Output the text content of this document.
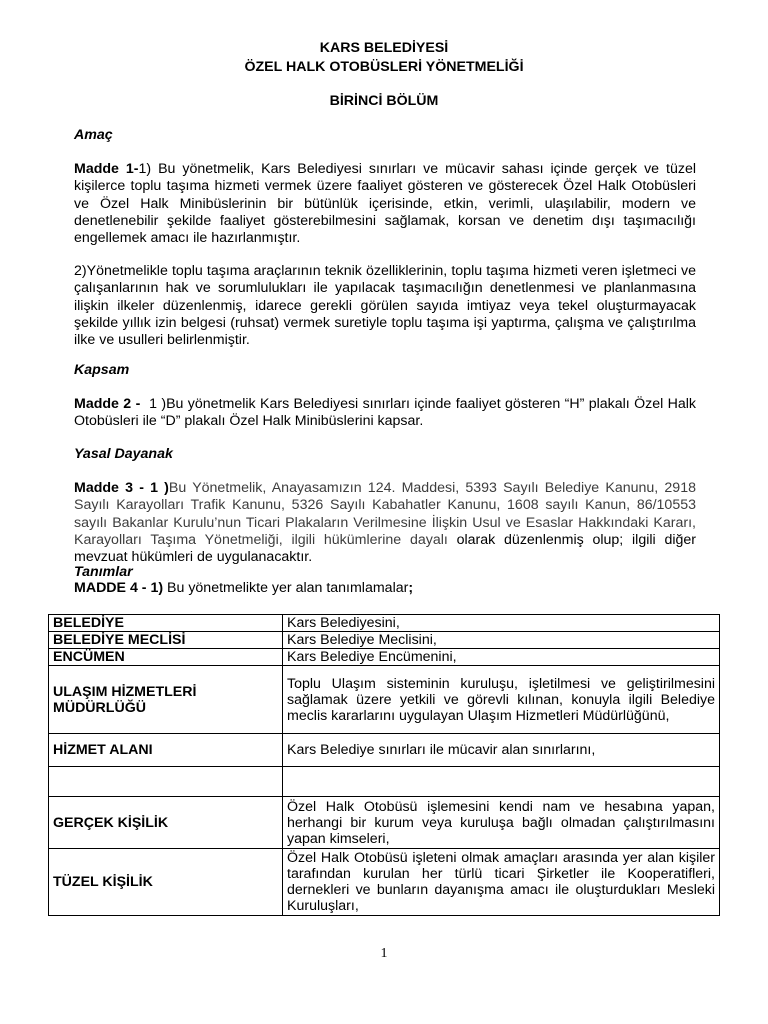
KARS BELEDİYESİ
ÖZEL HALK OTOBÜSLERİ YÖNETMELİĞİ
BİRİNCİ BÖLÜM
Amaç
Madde 1-1) Bu yönetmelik, Kars Belediyesi sınırları ve mücavir sahası içinde gerçek ve tüzel kişilerce toplu taşıma hizmeti vermek üzere faaliyet gösteren ve gösterecek Özel Halk Otobüsleri ve Özel Halk Minibüslerinin bir bütünlük içerisinde, etkin, verimli, ulaşılabilir, modern ve denetlenebilir şekilde faaliyet gösterebilmesini sağlamak, korsan ve denetim dışı taşımacılığı engellemek amacı ile hazırlanmıştır.
2)Yönetmelikle toplu taşıma araçlarının teknik özelliklerinin, toplu taşıma hizmeti veren işletmeci ve çalışanlarının hak ve sorumlulukları ile yapılacak taşımacılığın denetlenmesi ve planlanmasına ilişkin ilkeler düzenlenmiş, idarece gerekli görülen sayıda imtiyaz veya tekel oluşturmayacak şekilde yıllık izin belgesi (ruhsat) vermek suretiyle toplu taşıma işi yaptırma, çalışma ve çalıştırılma ilke ve usulleri belirlenmiştir.
Kapsam
Madde 2 - 1 )Bu yönetmelik Kars Belediyesi sınırları içinde faaliyet gösteren “H” plakalı Özel Halk Otobüsleri ile “D” plakalı Özel Halk Minibüslerini kapsar.
Yasal Dayanak
Madde 3 - 1 )Bu Yönetmelik, Anayasamızın 124. Maddesi, 5393 Sayılı Belediye Kanunu, 2918 Sayılı Karayolları Trafik Kanunu, 5326 Sayılı Kabahatler Kanunu, 1608 sayılı Kanun, 86/10553 sayılı Bakanlar Kurulu’nun Ticari Plakaların Verilmesine İlişkin Usul ve Esaslar Hakkındaki Kararı, Karayolları Taşıma Yönetmeliği, ilgili hükümlerine dayalı olarak düzenlenmiş olup; ilgili diğer mevzuat hükümleri de uygulanacaktır.
Tanımlar
MADDE 4 - 1) Bu yönetmelikte yer alan tanımlamalar;
BELEDİYE	Kars Belediyesini,
BELEDİYE MECLİSİ	Kars Belediye Meclisini,
ENCÜMEN	Kars Belediye Encümenini,
ULAŞIM HİZMETLERİ MÜDÜRLÜĞÜ	Toplu Ulaşım sisteminin kuruluşu, işletilmesi ve geliştirilmesini sağlamak üzere yetkili ve görevli kılınan, konuyla ilgili Belediye meclis kararlarını uygulayan Ulaşım Hizmetleri Müdürlüğünü,
HİZMET ALANI	Kars Belediye sınırları ile mücavir alan sınırlarını,

GERÇEK KİŞİLİK	Özel Halk Otobüsü işlemesini kendi nam ve hesabına yapan, herhangi bir kurum veya kuruluşa bağlı olmadan çalıştırılmasını yapan kimseleri,
TÜZEL KİŞİLİK	Özel Halk Otobüsü işleteni olmak amaçları arasında yer alan kişiler tarafından kurulan her türlü ticari Şirketler ile Kooperatifleri, dernekleri ve bunların dayanışma amacı ile oluşturdukları Mesleki Kuruluşları,
1
